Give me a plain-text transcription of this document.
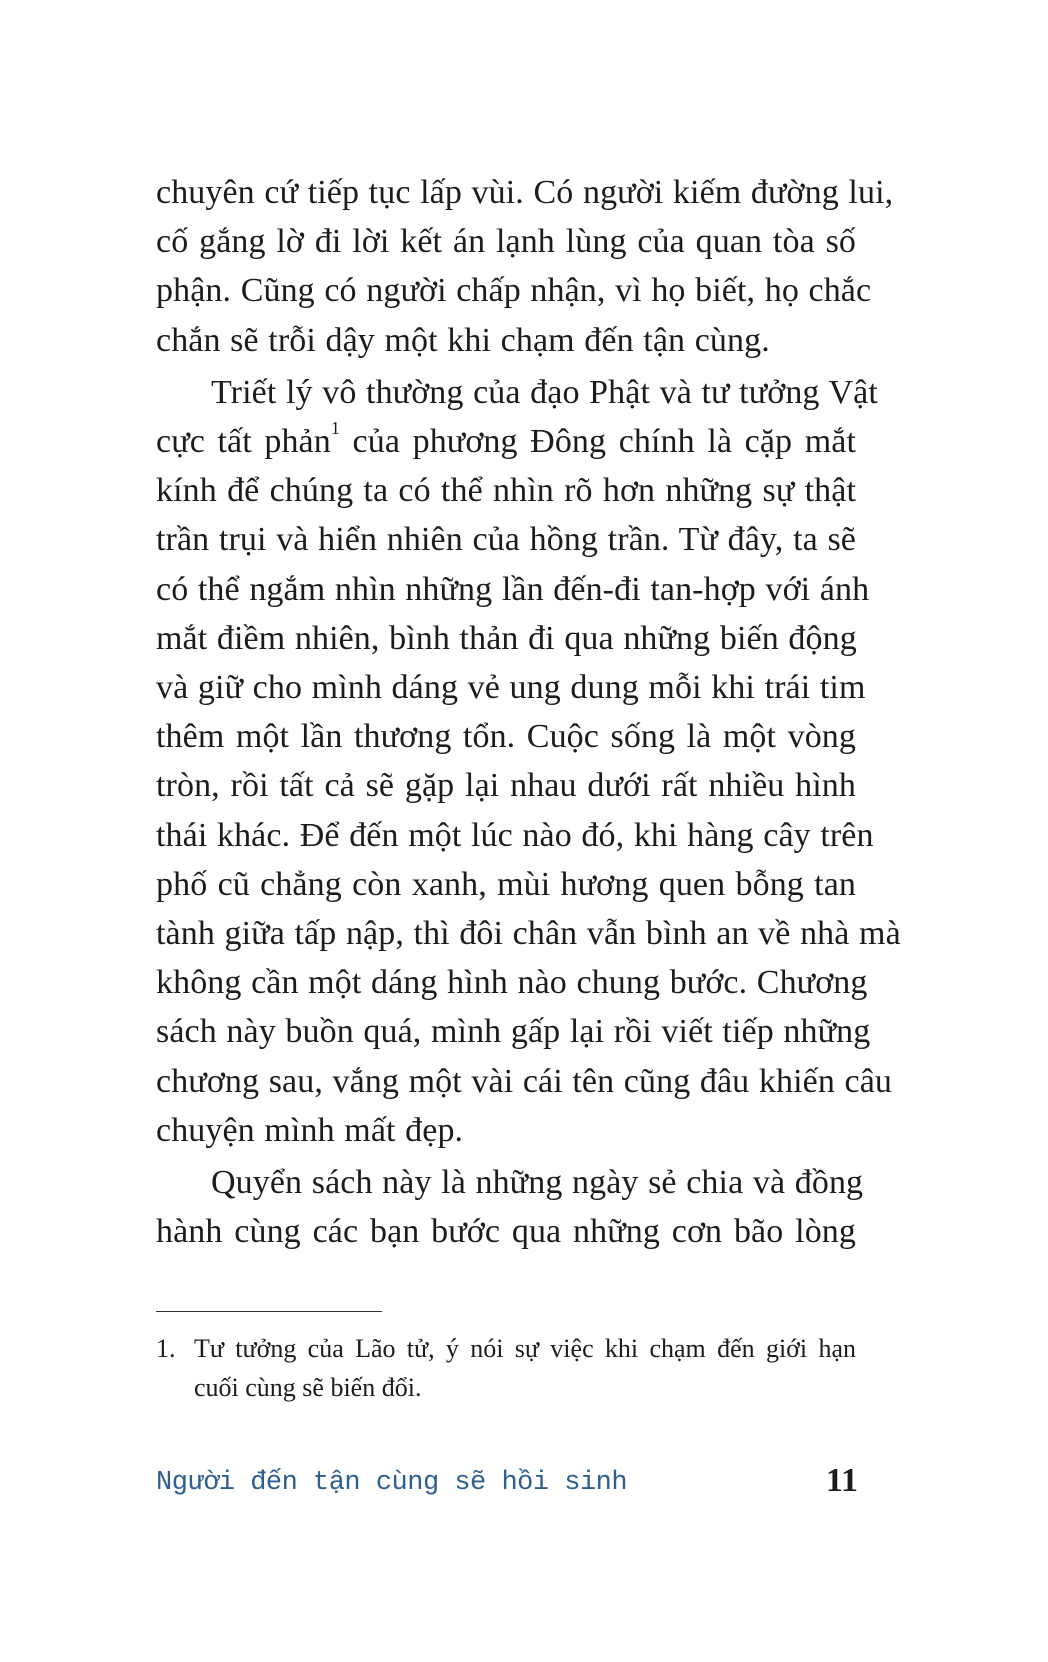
chuyên cứ tiếp tục lấp vùi. Có người kiếm đường lui,
cố gắng lờ đi lời kết án lạnh lùng của quan tòa số
phận. Cũng có người chấp nhận, vì họ biết, họ chắc
chắn sẽ trỗi dậy một khi chạm đến tận cùng.

Triết lý vô thường của đạo Phật và tư tưởng Vật
cực tất phản$^1$ của phương Đông chính là cặp mắt
kính để chúng ta có thể nhìn rõ hơn những sự thật
trần trụi và hiển nhiên của hồng trần. Từ đây, ta sẽ
có thể ngắm nhìn những lần đến-đi tan-hợp với ánh
mắt điềm nhiên, bình thản đi qua những biến động
và giữ cho mình dáng vẻ ung dung mỗi khi trái tim
thêm một lần thương tổn. Cuộc sống là một vòng
tròn, rồi tất cả sẽ gặp lại nhau dưới rất nhiều hình
thái khác. Để đến một lúc nào đó, khi hàng cây trên
phố cũ chẳng còn xanh, mùi hương quen bỗng tan
tành giữa tấp nập, thì đôi chân vẫn bình an về nhà mà
không cần một dáng hình nào chung bước. Chương
sách này buồn quá, mình gấp lại rồi viết tiếp những
chương sau, vắng một vài cái tên cũng đâu khiến câu
chuyện mình mất đẹp.

Quyển sách này là những ngày sẻ chia và đồng
hành cùng các bạn bước qua những cơn bão lòng

1. Tư tưởng của Lão tử, ý nói sự việc khi chạm đến giới hạn
cuối cùng sẽ biến đổi.
Người đến tận cùng sẽ hồi sinh	11
